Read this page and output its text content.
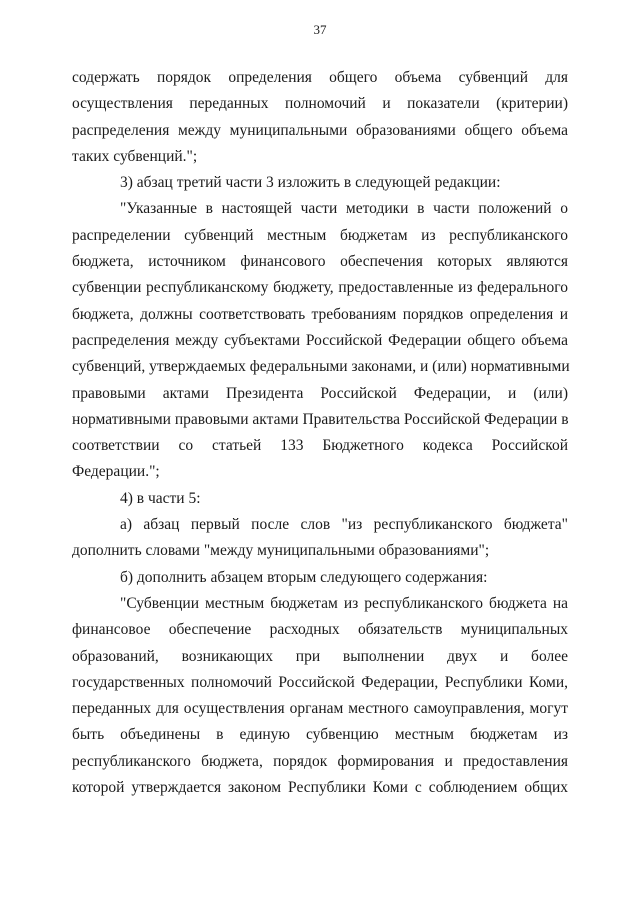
37

содержать порядок определения общего объема субвенций для

осуществления переданных полномочий и показатели (критерии)

распределения между муниципальными образованиями общего объема

таких субвенций.";

3) абзац третий части 3 изложить в следующей редакции:

"Указанные в настоящей части методики в части положений о

распределении субвенций местным бюджетам из республиканского

бюджета, источником финансового обеспечения которых являются

субвенции республиканскому бюджету, предоставленные из федерального

бюджета, должны соответствовать требованиям порядков определения и

распределения между субъектами Российской Федерации общего объема

субвенций, утверждаемых федеральными законами, и (или) нормативными

правовыми актами Президента Российской Федерации, и (или)

нормативными правовыми актами Правительства Российской Федерации в

соответствии со статьей 133 Бюджетного кодекса Российской

Федерации.";

4) в части 5:

а) абзац первый после слов "из республиканского бюджета"

дополнить словами "между муниципальными образованиями";

б) дополнить абзацем вторым следующего содержания:

"Субвенции местным бюджетам из республиканского бюджета на

финансовое обеспечение расходных обязательств муниципальных

образований, возникающих при выполнении двух и более

государственных полномочий Российской Федерации, Республики Коми,

переданных для осуществления органам местного самоуправления, могут

быть объединены в единую субвенцию местным бюджетам из

республиканского бюджета, порядок формирования и предоставления

которой утверждается законом Республики Коми с соблюдением общих
